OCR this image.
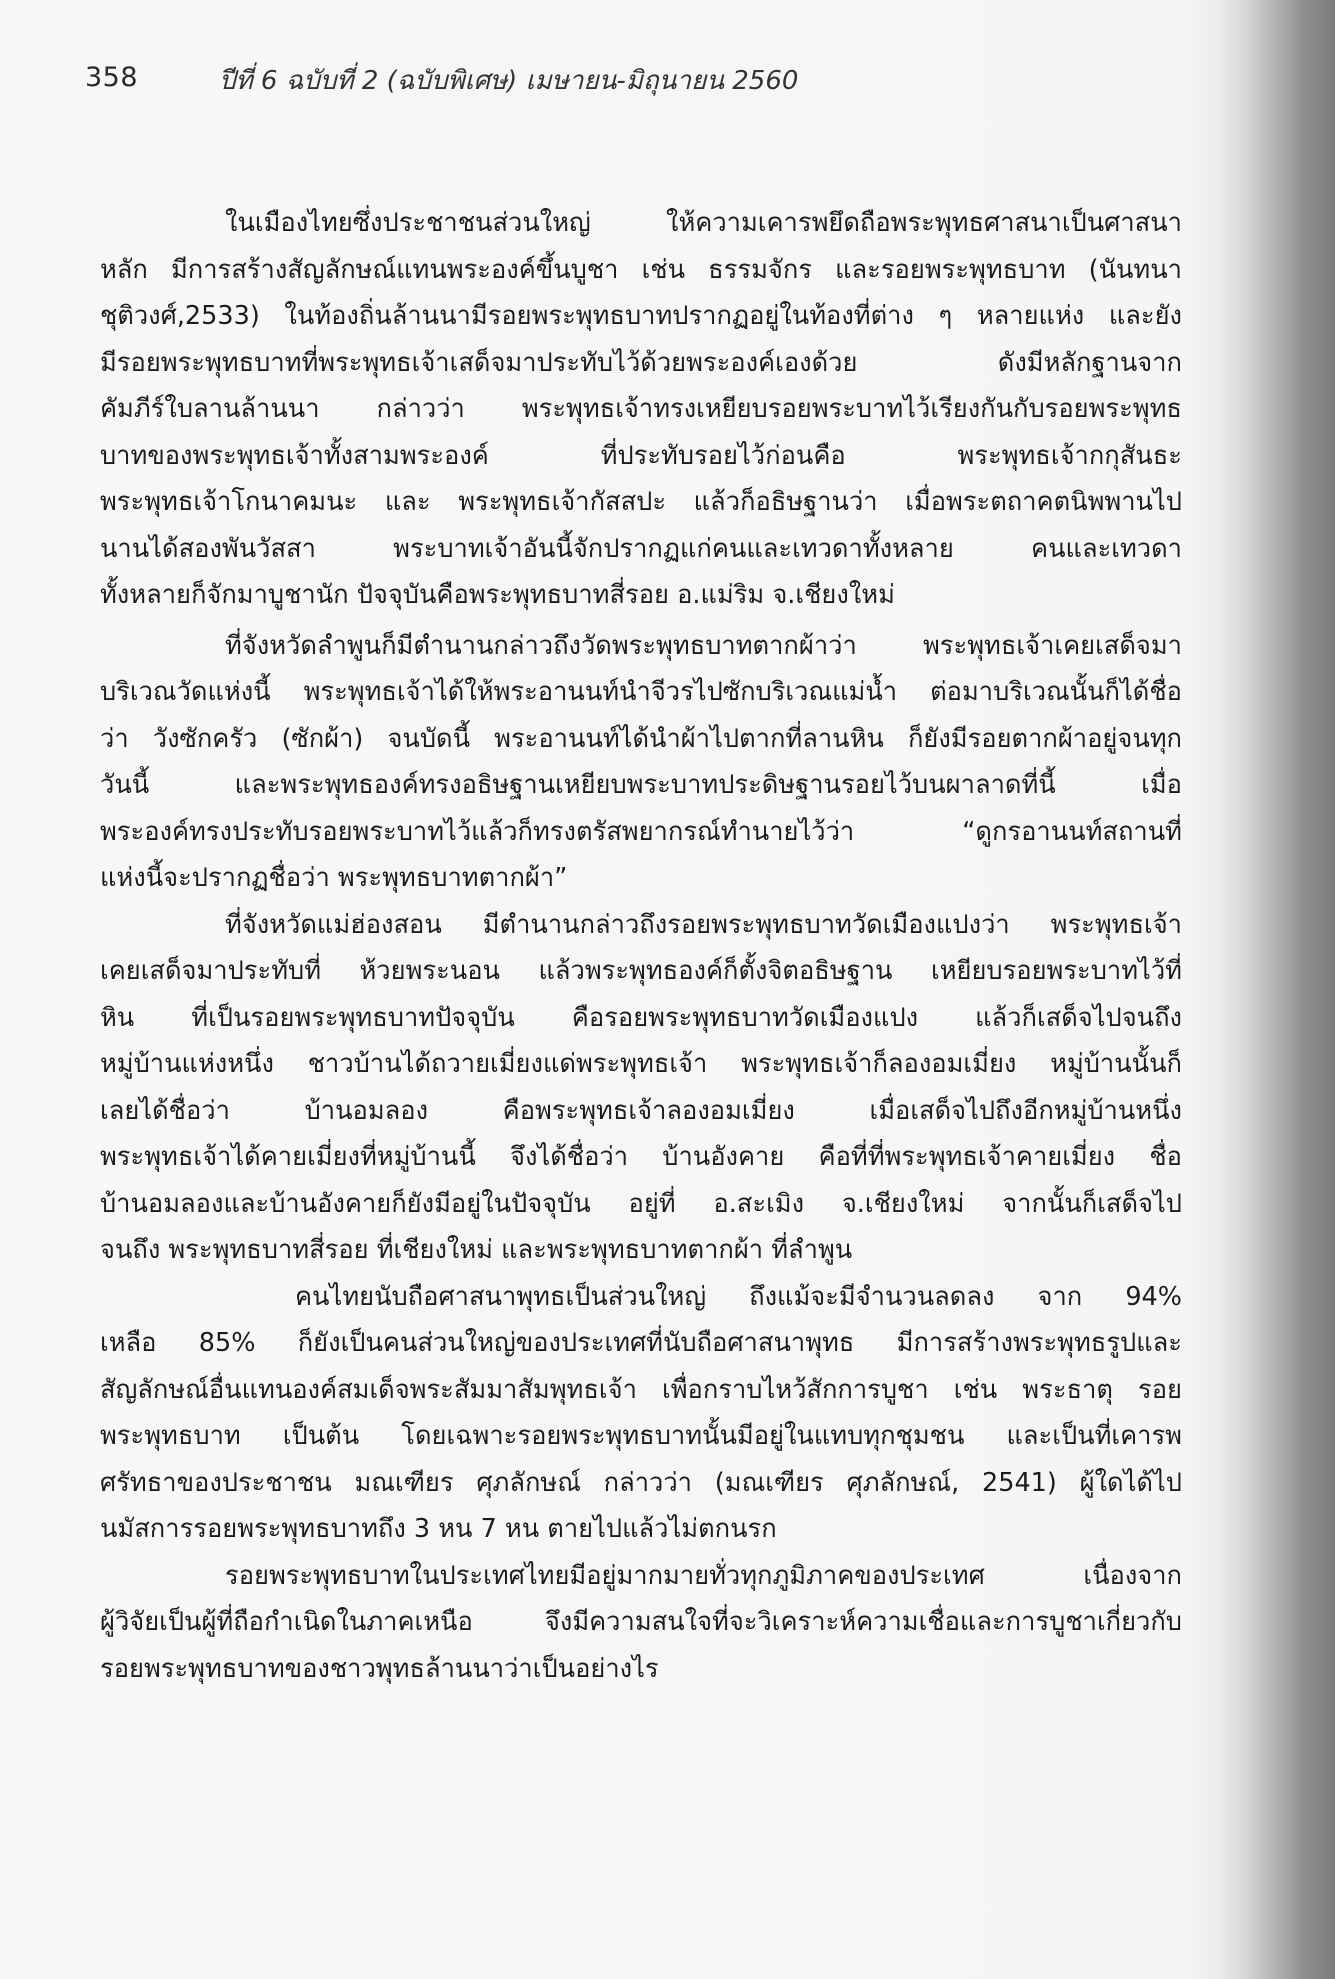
358	ปีที่ 6 ฉบับที่ 2 (ฉบับพิเศษ) เมษายน-มิถุนายน 2560

ในเมืองไทยซึ่งประชาชนส่วนใหญ่ ให้ความเคารพยึดถือพระพุทธศาสนาเป็นศาสนา
หลัก มีการสร้างสัญลักษณ์แทนพระองค์ขึ้นบูชา เช่น ธรรมจักร และรอยพระพุทธบาท (นันทนา
ชุติวงศ์,2533) ในท้องถิ่นล้านนามีรอยพระพุทธบาทปรากฏอยู่ในท้องที่ต่าง ๆ หลายแห่ง และยัง
มีรอยพระพุทธบาทที่พระพุทธเจ้าเสด็จมาประทับไว้ด้วยพระองค์เองด้วย ดังมีหลักฐานจาก
คัมภีร์ใบลานล้านนา กล่าวว่า พระพุทธเจ้าทรงเหยียบรอยพระบาทไว้เรียงกันกับรอยพระพุทธ
บาทของพระพุทธเจ้าทั้งสามพระองค์ ที่ประทับรอยไว้ก่อนคือ พระพุทธเจ้ากกุสันธะ
พระพุทธเจ้าโกนาคมนะ และ พระพุทธเจ้ากัสสปะ แล้วก็อธิษฐานว่า เมื่อพระตถาคตนิพพานไป
นานได้สองพันวัสสา พระบาทเจ้าอันนี้จักปรากฏแก่คนและเทวดาทั้งหลาย คนและเทวดา
ทั้งหลายก็จักมาบูชานัก ปัจจุบันคือพระพุทธบาทสี่รอย อ.แม่ริม จ.เชียงใหม่

ที่จังหวัดลำพูนก็มีตำนานกล่าวถึงวัดพระพุทธบาทตากผ้าว่า พระพุทธเจ้าเคยเสด็จมา
บริเวณวัดแห่งนี้ พระพุทธเจ้าได้ให้พระอานนท์นำจีวรไปซักบริเวณแม่น้ำ ต่อมาบริเวณนั้นก็ได้ชื่อ
ว่า วังซักครัว (ซักผ้า) จนบัดนี้ พระอานนท์ได้นำผ้าไปตากที่ลานหิน ก็ยังมีรอยตากผ้าอยู่จนทุก
วันนี้ และพระพุทธองค์ทรงอธิษฐานเหยียบพระบาทประดิษฐานรอยไว้บนผาลาดที่นี้ เมื่อ
พระองค์ทรงประทับรอยพระบาทไว้แล้วก็ทรงตรัสพยากรณ์ทำนายไว้ว่า “ดูกรอานนท์สถานที่
แห่งนี้จะปรากฏชื่อว่า พระพุทธบาทตากผ้า”

ที่จังหวัดแม่ฮ่องสอน มีตำนานกล่าวถึงรอยพระพุทธบาทวัดเมืองแปงว่า พระพุทธเจ้า
เคยเสด็จมาประทับที่ ห้วยพระนอน แล้วพระพุทธองค์ก็ตั้งจิตอธิษฐาน เหยียบรอยพระบาทไว้ที่
หิน ที่เป็นรอยพระพุทธบาทปัจจุบัน คือรอยพระพุทธบาทวัดเมืองแปง แล้วก็เสด็จไปจนถึง
หมู่บ้านแห่งหนึ่ง ชาวบ้านได้ถวายเมี่ยงแด่พระพุทธเจ้า พระพุทธเจ้าก็ลองอมเมี่ยง หมู่บ้านนั้นก็
เลยได้ชื่อว่า บ้านอมลอง คือพระพุทธเจ้าลองอมเมี่ยง เมื่อเสด็จไปถึงอีกหมู่บ้านหนึ่ง
พระพุทธเจ้าได้คายเมี่ยงที่หมู่บ้านนี้ จึงได้ชื่อว่า บ้านอังคาย คือที่ที่พระพุทธเจ้าคายเมี่ยง ชื่อ
บ้านอมลองและบ้านอังคายก็ยังมีอยู่ในปัจจุบัน อยู่ที่ อ.สะเมิง จ.เชียงใหม่ จากนั้นก็เสด็จไป
จนถึง พระพุทธบาทสี่รอย ที่เชียงใหม่ และพระพุทธบาทตากผ้า ที่ลำพูน

คนไทยนับถือศาสนาพุทธเป็นส่วนใหญ่ ถึงแม้จะมีจำนวนลดลง จาก 94%
เหลือ 85% ก็ยังเป็นคนส่วนใหญ่ของประเทศที่นับถือศาสนาพุทธ มีการสร้างพระพุทธรูปและ
สัญลักษณ์อื่นแทนองค์สมเด็จพระสัมมาสัมพุทธเจ้า เพื่อกราบไหว้สักการบูชา เช่น พระธาตุ รอย
พระพุทธบาท เป็นต้น โดยเฉพาะรอยพระพุทธบาทนั้นมีอยู่ในแทบทุกชุมชน และเป็นที่เคารพ
ศรัทธาของประชาชน มณเฑียร ศุภลักษณ์ กล่าวว่า (มณเฑียร ศุภลักษณ์, 2541) ผู้ใดได้ไป
นมัสการรอยพระพุทธบาทถึง 3 หน 7 หน ตายไปแล้วไม่ตกนรก

รอยพระพุทธบาทในประเทศไทยมีอยู่มากมายทั่วทุกภูมิภาคของประเทศ เนื่องจาก
ผู้วิจัยเป็นผู้ที่ถือกำเนิดในภาคเหนือ จึงมีความสนใจที่จะวิเคราะห์ความเชื่อและการบูชาเกี่ยวกับ
รอยพระพุทธบาทของชาวพุทธล้านนาว่าเป็นอย่างไร
